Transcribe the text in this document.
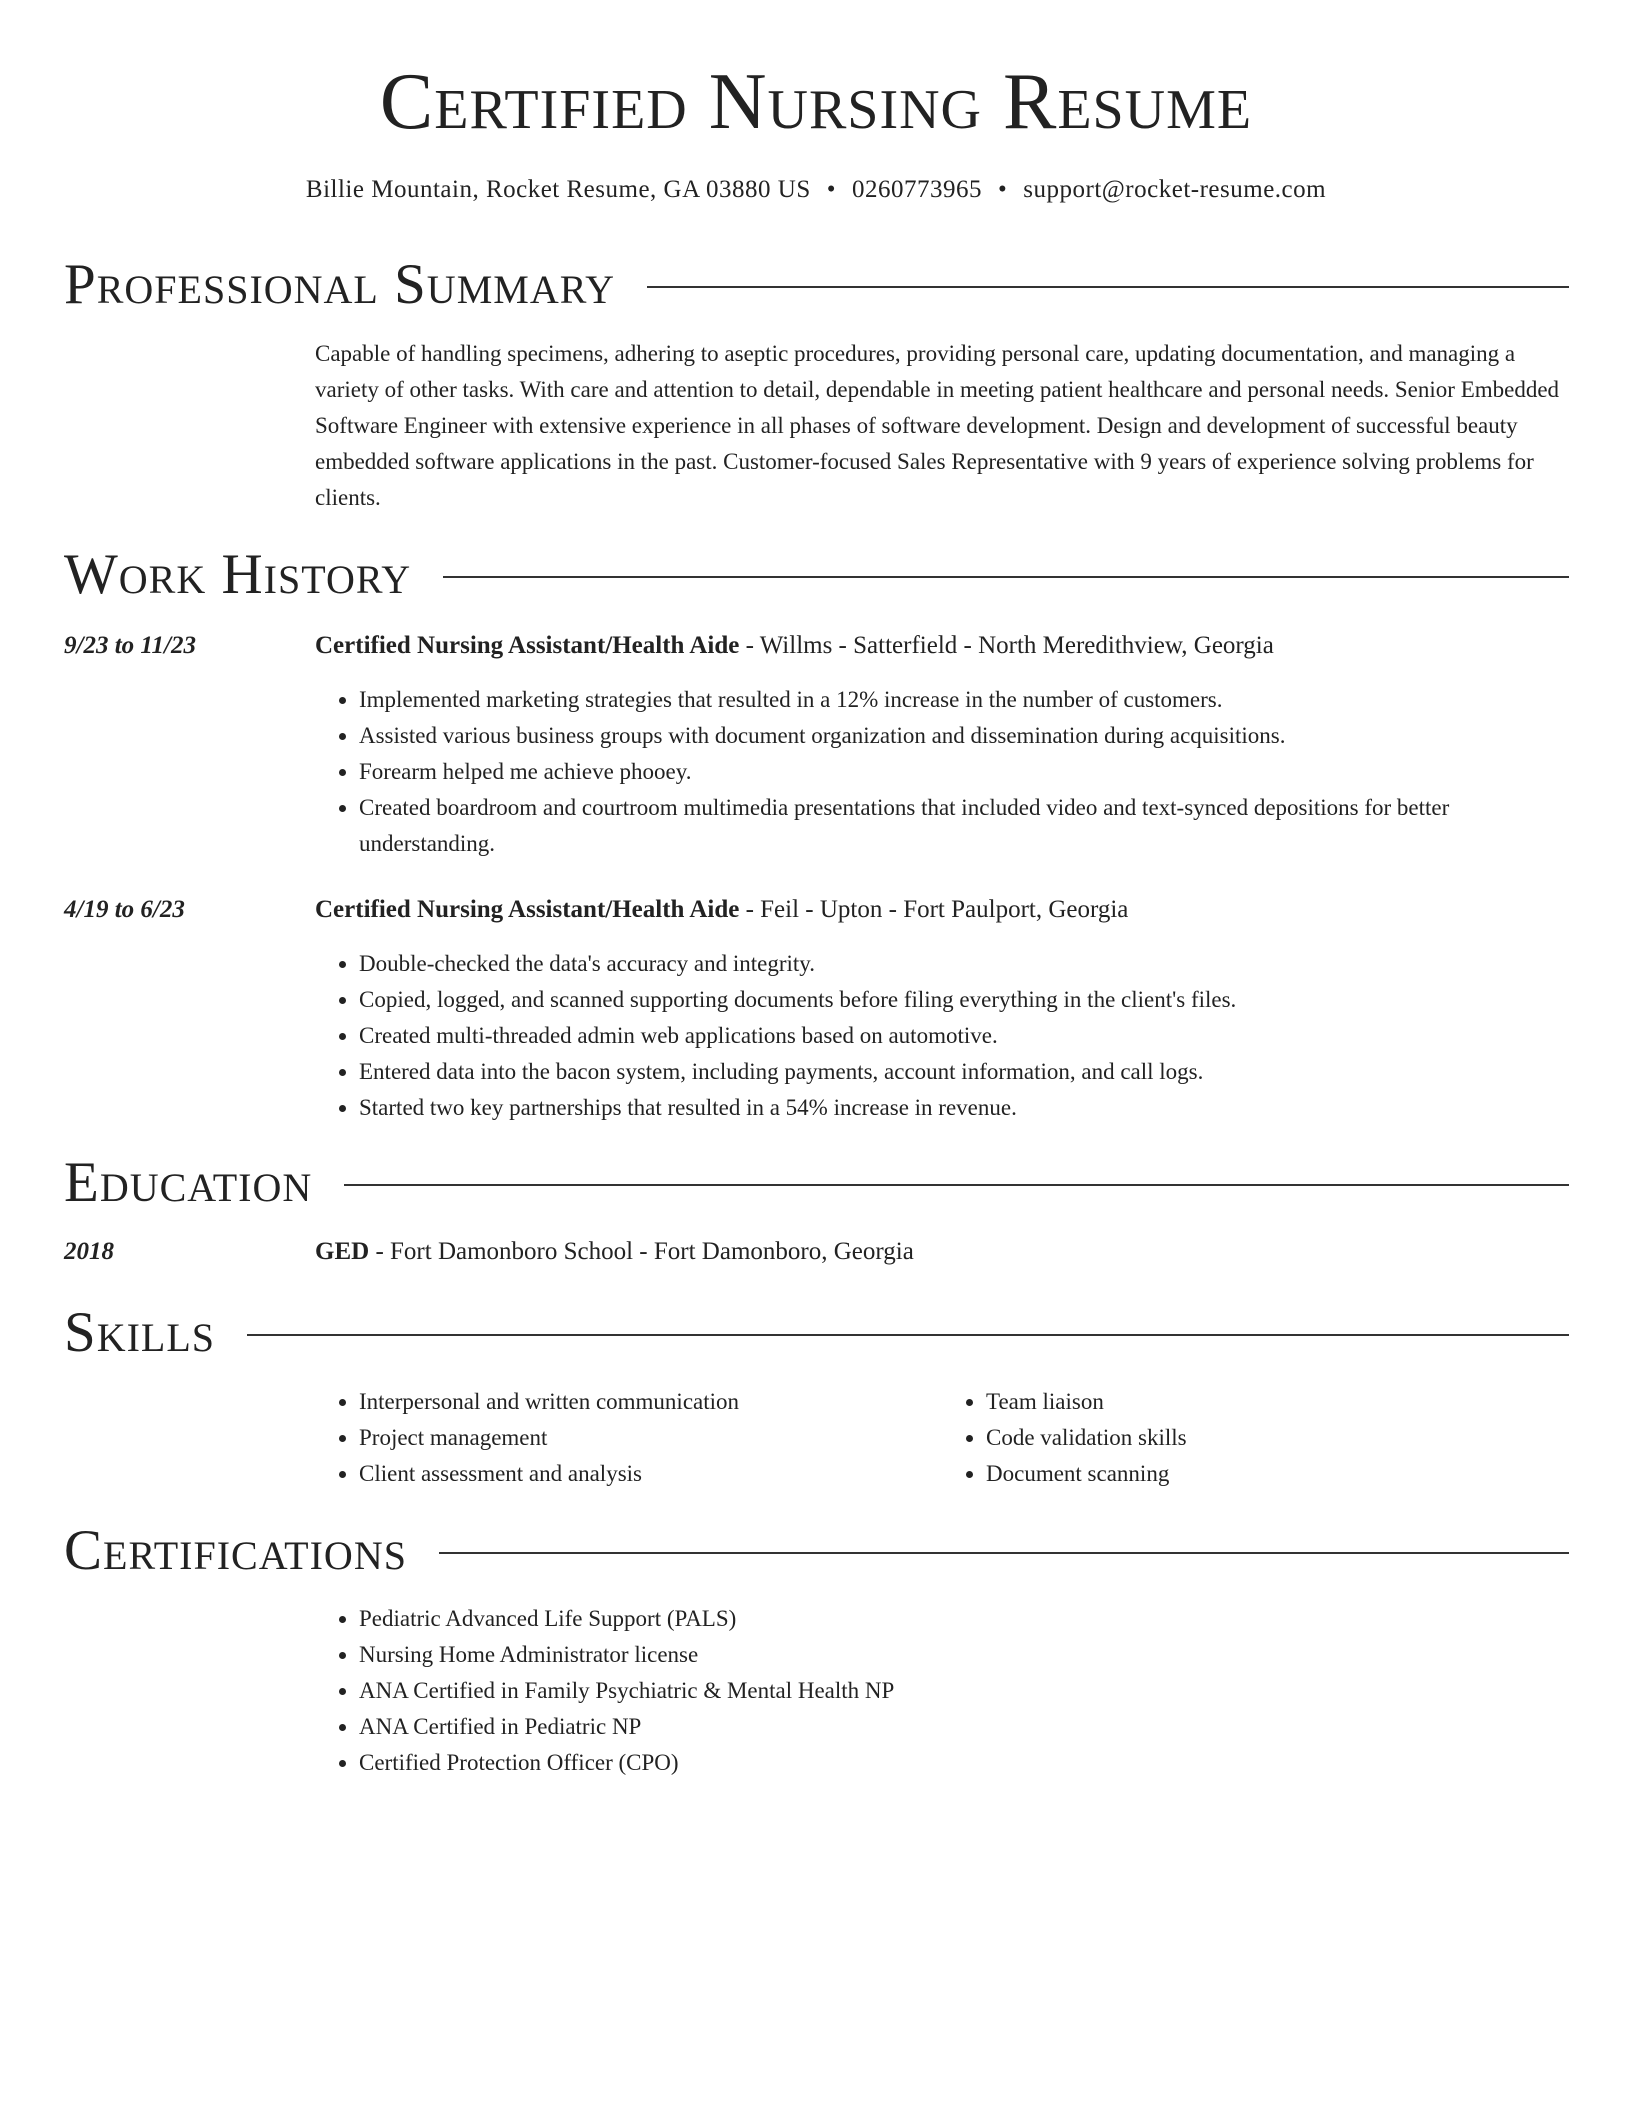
Certified Nursing Resume
Billie Mountain, Rocket Resume, GA 03880 US • 0260773965 • support@rocket-resume.com
Professional Summary

Capable of handling specimens, adhering to aseptic procedures, providing personal care, updating documentation, and managing a variety of other tasks. With care and attention to detail, dependable in meeting patient healthcare and personal needs. Senior Embedded Software Engineer with extensive experience in all phases of software development. Design and development of successful beauty embedded software applications in the past. Customer-focused Sales Representative with 9 years of experience solving problems for clients.

Work History
9/23 to 11/23	Certified Nursing Assistant/Health Aide - Willms - Satterfield - North Meredithview, Georgia
• Implemented marketing strategies that resulted in a 12% increase in the number of customers.
• Assisted various business groups with document organization and dissemination during acquisitions.
• Forearm helped me achieve phooey.
• Created boardroom and courtroom multimedia presentations that included video and text-synced depositions for better understanding.
4/19 to 6/23	Certified Nursing Assistant/Health Aide - Feil - Upton - Fort Paulport, Georgia
• Double-checked the data's accuracy and integrity.
• Copied, logged, and scanned supporting documents before filing everything in the client's files.
• Created multi-threaded admin web applications based on automotive.
• Entered data into the bacon system, including payments, account information, and call logs.
• Started two key partnerships that resulted in a 54% increase in revenue.
Education
2018	GED - Fort Damonboro School - Fort Damonboro, Georgia
Skills
• Interpersonal and written communication
• Project management
• Client assessment and analysis
• Team liaison
• Code validation skills
• Document scanning
Certifications
• Pediatric Advanced Life Support (PALS)
• Nursing Home Administrator license
• ANA Certified in Family Psychiatric & Mental Health NP
• ANA Certified in Pediatric NP
• Certified Protection Officer (CPO)
